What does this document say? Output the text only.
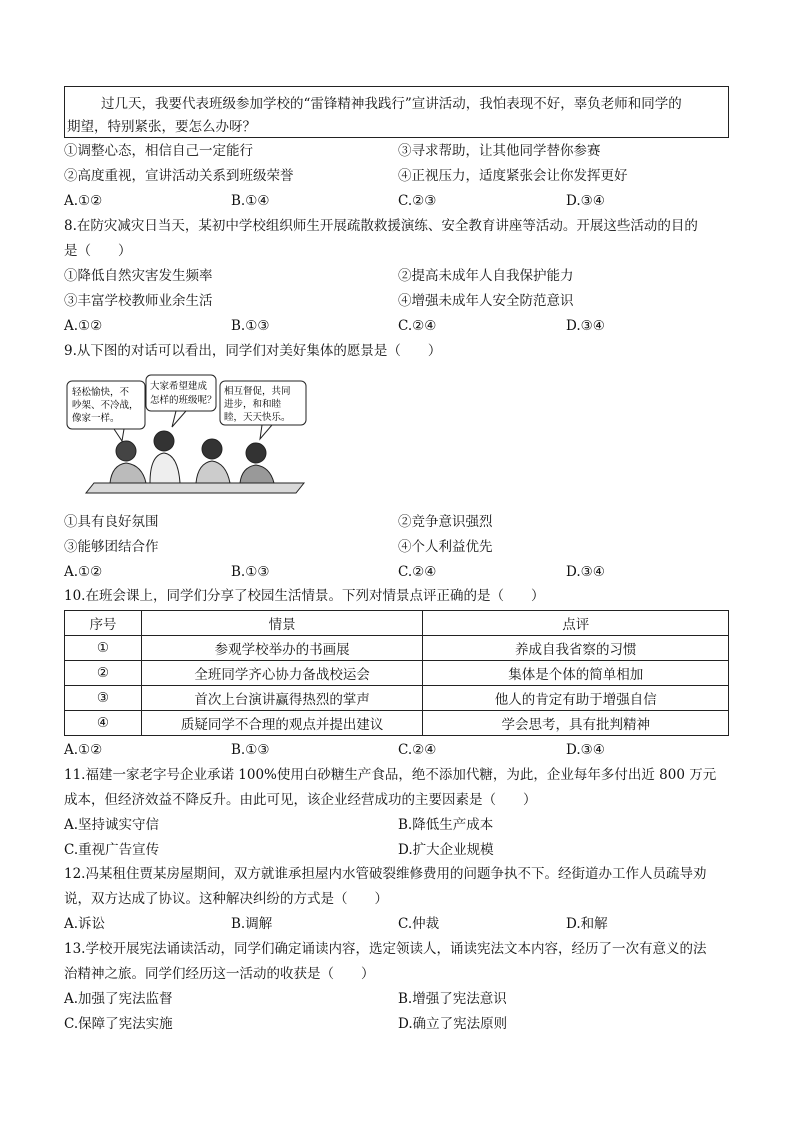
过几天，我要代表班级参加学校的“雷锋精神我践行”宣讲活动，我怕表现不好，辜负老师和同学的
期望，特别紧张，要怎么办呀？
①调整心态，相信自己一定能行	③寻求帮助，让其他同学替你参赛
②高度重视，宣讲活动关系到班级荣誉	④正视压力，适度紧张会让你发挥更好
A.①②	B.①④	C.②③	D.③④
8.在防灾减灾日当天，某初中学校组织师生开展疏散救援演练、安全教育讲座等活动。开展这些活动的目的
是（　　）
①降低自然灾害发生频率	②提高未成年人自我保护能力
③丰富学校教师业余生活	④增强未成年人安全防范意识
A.①②	B.①③	C.②④	D.③④
9.从下图的对话可以看出，同学们对美好集体的愿景是（　　）
轻松愉快，不
吵架、不冷战，
像家一样。
大家希望建成
怎样的班级呢？
相互督促，共同
进步，和和睦
睦，天天快乐。
①具有良好氛围	②竞争意识强烈
③能够团结合作	④个人利益优先
A.①②	B.①③	C.②④	D.③④
10.在班会课上，同学们分享了校园生活情景。下列对情景点评正确的是（　　）
序号	情景	点评
①	参观学校举办的书画展	养成自我省察的习惯
②	全班同学齐心协力备战校运会	集体是个体的简单相加
③	首次上台演讲赢得热烈的掌声	他人的肯定有助于增强自信
④	质疑同学不合理的观点并提出建议	学会思考，具有批判精神
A.①②	B.①③	C.②④	D.③④
11.福建一家老字号企业承诺 100%使用白砂糖生产食品，绝不添加代糖，为此，企业每年多付出近 800 万元
成本，但经济效益不降反升。由此可见，该企业经营成功的主要因素是（　　）
A.坚持诚实守信	B.降低生产成本
C.重视广告宣传	D.扩大企业规模
12.冯某租住贾某房屋期间，双方就谁承担屋内水管破裂维修费用的问题争执不下。经街道办工作人员疏导劝
说，双方达成了协议。这种解决纠纷的方式是（　　）
A.诉讼	B.调解	C.仲裁	D.和解
13.学校开展宪法诵读活动，同学们确定诵读内容，选定领读人，诵读宪法文本内容，经历了一次有意义的法
治精神之旅。同学们经历这一活动的收获是（　　）
A.加强了宪法监督	B.增强了宪法意识
C.保障了宪法实施	D.确立了宪法原则
